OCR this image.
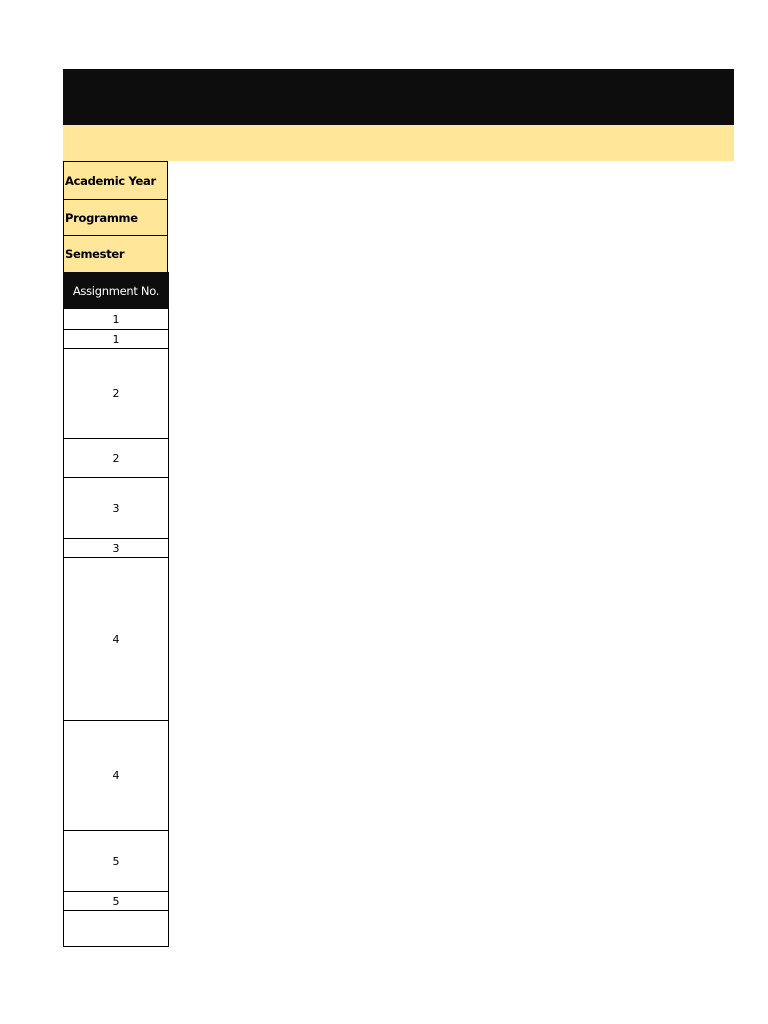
Academic Year
Programme
Semester
Assignment No.
1
1
2
2
3
3
4
4
5
5
